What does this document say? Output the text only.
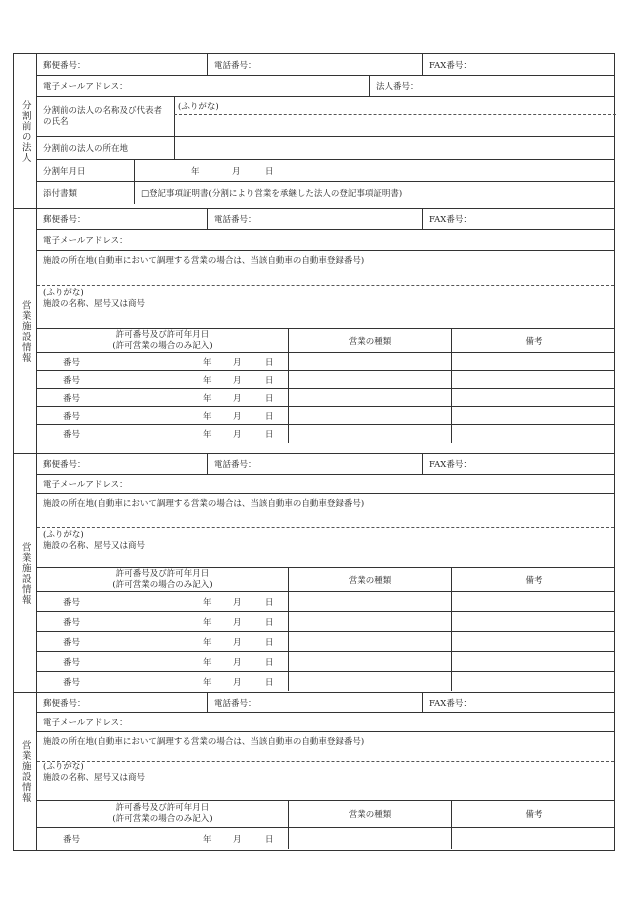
分割前の法人
郵便番号：	電話番号：	FAX番号：
電子メールアドレス：	法人番号：
分割前の法人の名称及び代表者の氏名
(ふりがな)
分割前の法人の所在地
分割年月日	年	月	日
添付書類	□登記事項証明書(分割により営業を承継した法人の登記事項証明書)
営業施設情報
郵便番号：	電話番号：	FAX番号：
電子メールアドレス：
施設の所在地(自動車において調理する営業の場合は、当該自動車の自動車登録番号)
(ふりがな)
施設の名称、屋号又は商号
許可番号及び許可年月日
(許可営業の場合のみ記入)	営業の種類	備考
番号	年	月	日
番号	年	月	日
番号	年	月	日
番号	年	月	日
番号	年	月	日
営業施設情報
郵便番号：	電話番号：	FAX番号：
電子メールアドレス：
施設の所在地(自動車において調理する営業の場合は、当該自動車の自動車登録番号)
(ふりがな)
施設の名称、屋号又は商号
許可番号及び許可年月日
(許可営業の場合のみ記入)	営業の種類	備考
番号	年	月	日
番号	年	月	日
番号	年	月	日
番号	年	月	日
番号	年	月	日
営業施設情報
郵便番号：	電話番号：	FAX番号：
電子メールアドレス：
施設の所在地(自動車において調理する営業の場合は、当該自動車の自動車登録番号)
(ふりがな)
施設の名称、屋号又は商号
許可番号及び許可年月日
(許可営業の場合のみ記入)	営業の種類	備考
番号	年	月	日
